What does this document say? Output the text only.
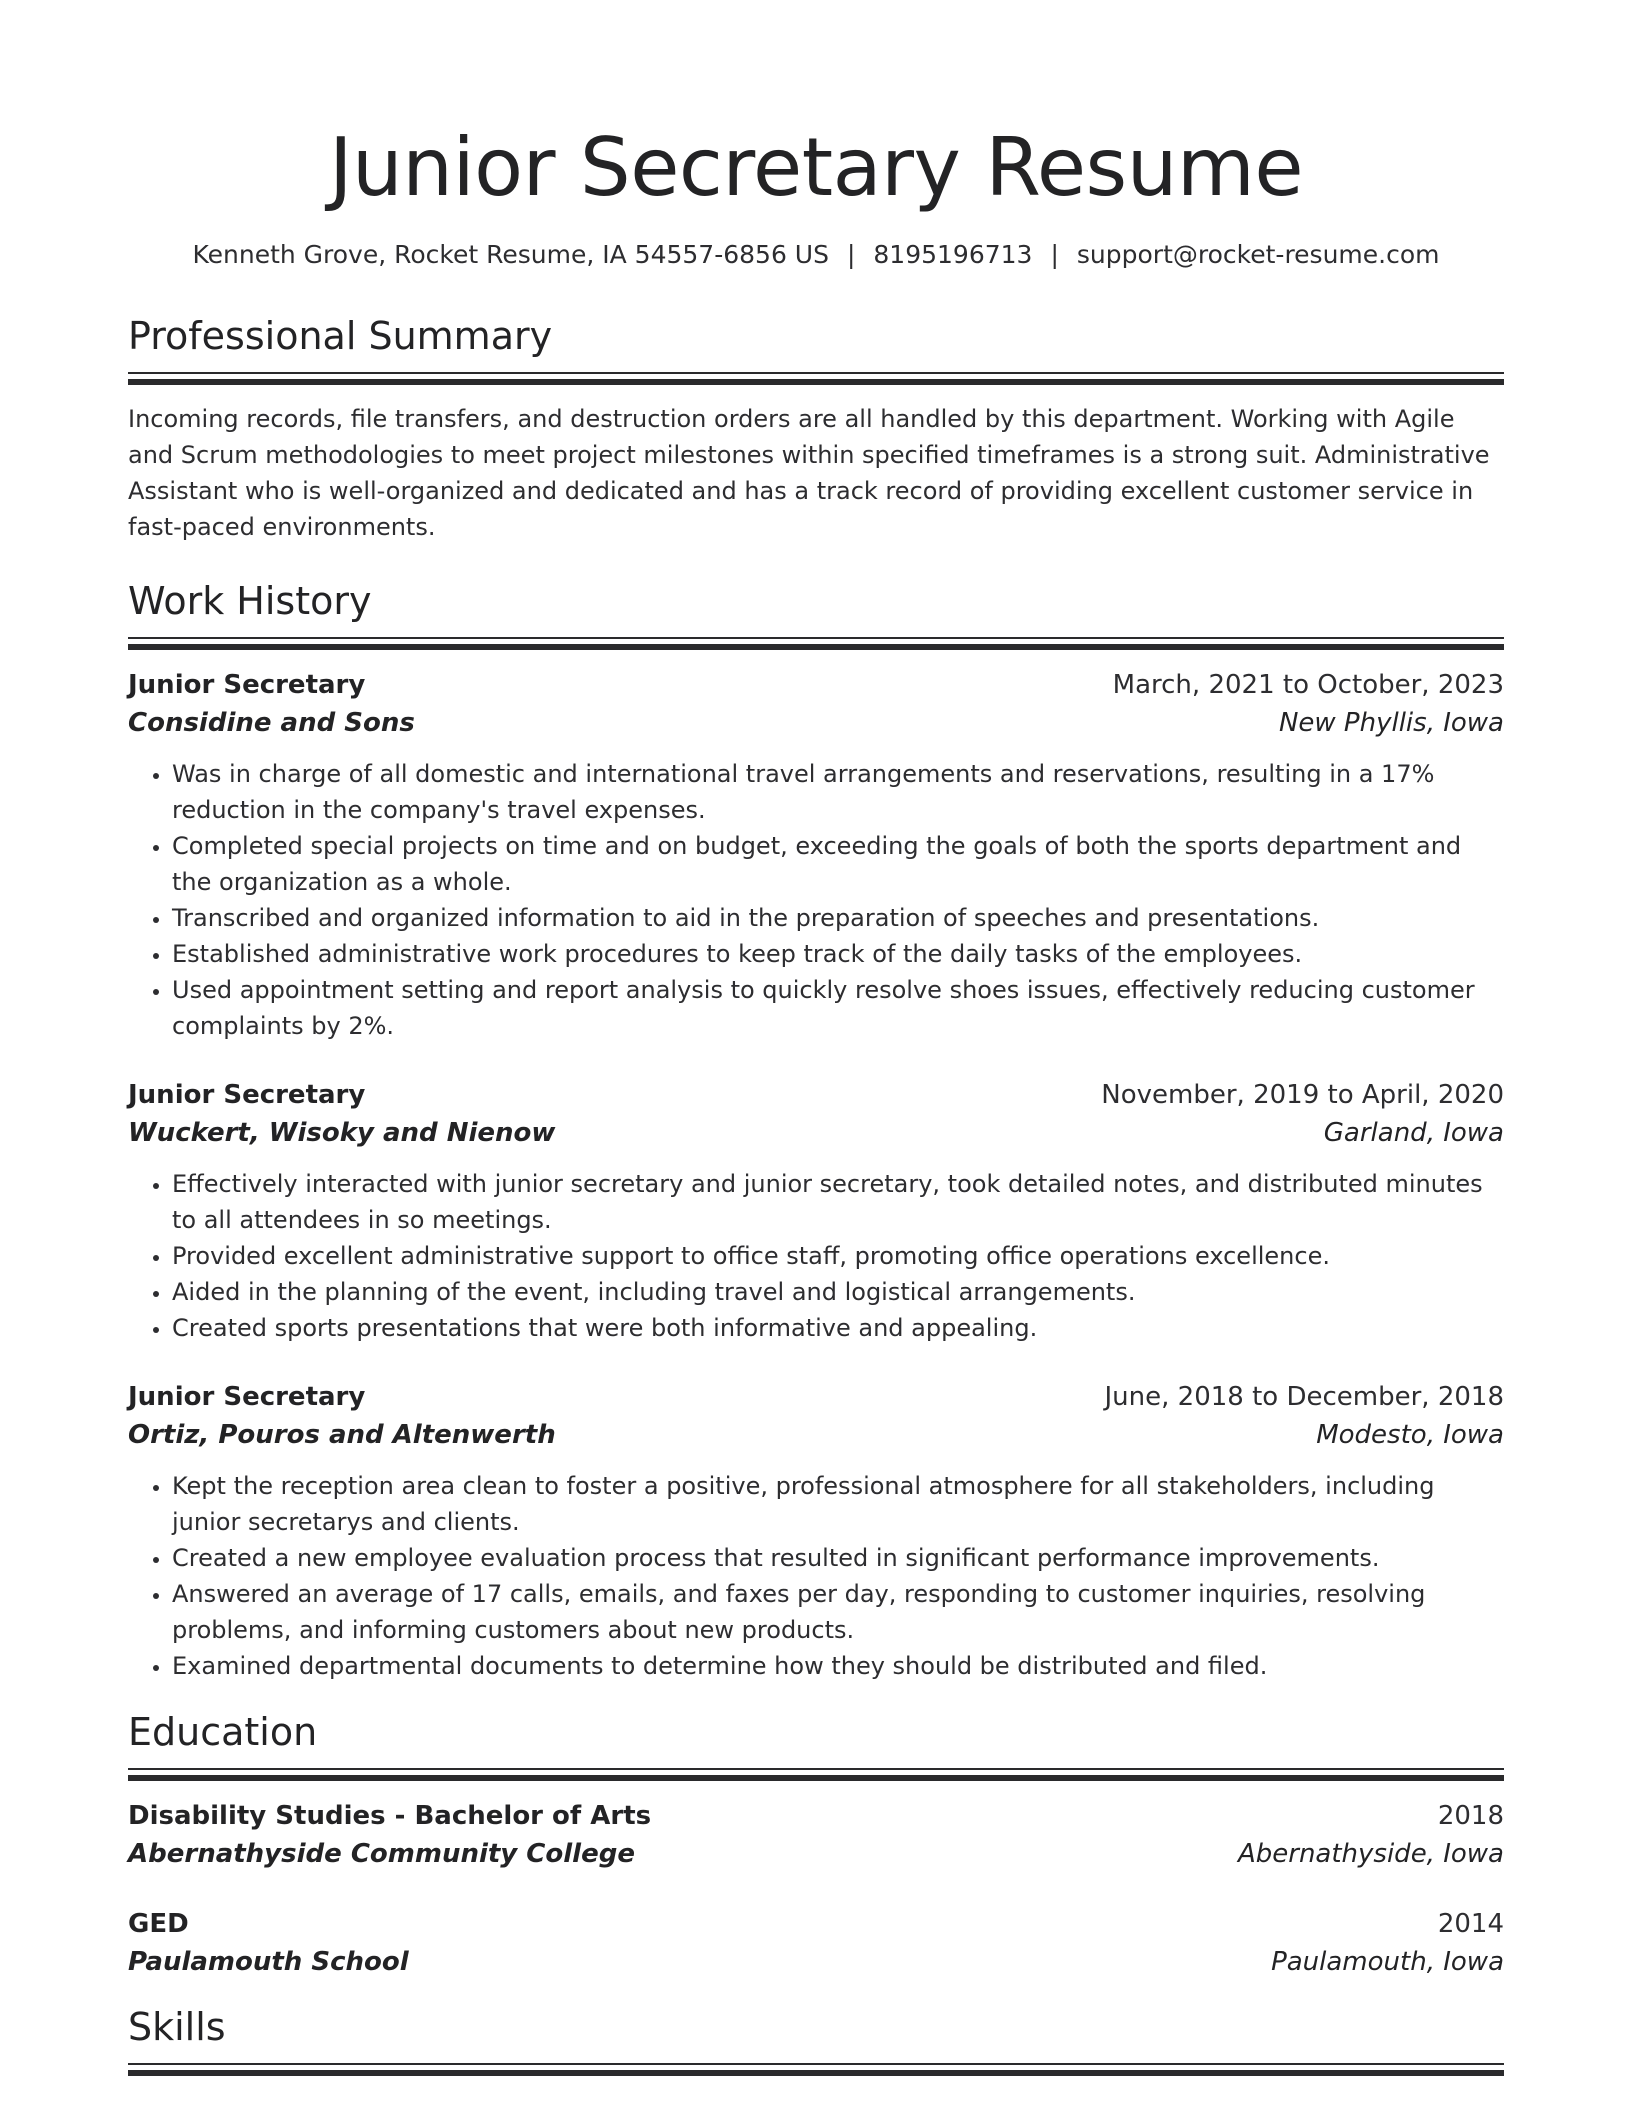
Junior Secretary Resume
Kenneth Grove, Rocket Resume, IA 54557-6856 US | 8195196713 | support@rocket-resume.com
Professional Summary

Incoming records, file transfers, and destruction orders are all handled by this department. Working with Agile and Scrum methodologies to meet project milestones within specified timeframes is a strong suit. Administrative Assistant who is well-organized and dedicated and has a track record of providing excellent customer service in fast-paced environments.

Work History
Junior Secretary	March, 2021 to October, 2023
Considine and Sons	New Phyllis, Iowa
• Was in charge of all domestic and international travel arrangements and reservations, resulting in a 17% reduction in the company's travel expenses.
• Completed special projects on time and on budget, exceeding the goals of both the sports department and the organization as a whole.
• Transcribed and organized information to aid in the preparation of speeches and presentations.
• Established administrative work procedures to keep track of the daily tasks of the employees.
• Used appointment setting and report analysis to quickly resolve shoes issues, effectively reducing customer complaints by 2%.
Junior Secretary	November, 2019 to April, 2020
Wuckert, Wisoky and Nienow	Garland, Iowa
• Effectively interacted with junior secretary and junior secretary, took detailed notes, and distributed minutes to all attendees in so meetings.
• Provided excellent administrative support to office staff, promoting office operations excellence.
• Aided in the planning of the event, including travel and logistical arrangements.
• Created sports presentations that were both informative and appealing.
Junior Secretary	June, 2018 to December, 2018
Ortiz, Pouros and Altenwerth	Modesto, Iowa
• Kept the reception area clean to foster a positive, professional atmosphere for all stakeholders, including junior secretarys and clients.
• Created a new employee evaluation process that resulted in significant performance improvements.
• Answered an average of 17 calls, emails, and faxes per day, responding to customer inquiries, resolving problems, and informing customers about new products.
• Examined departmental documents to determine how they should be distributed and filed.
Education
Disability Studies - Bachelor of Arts	2018
Abernathyside Community College	Abernathyside, Iowa
GED	2014
Paulamouth School	Paulamouth, Iowa
Skills
